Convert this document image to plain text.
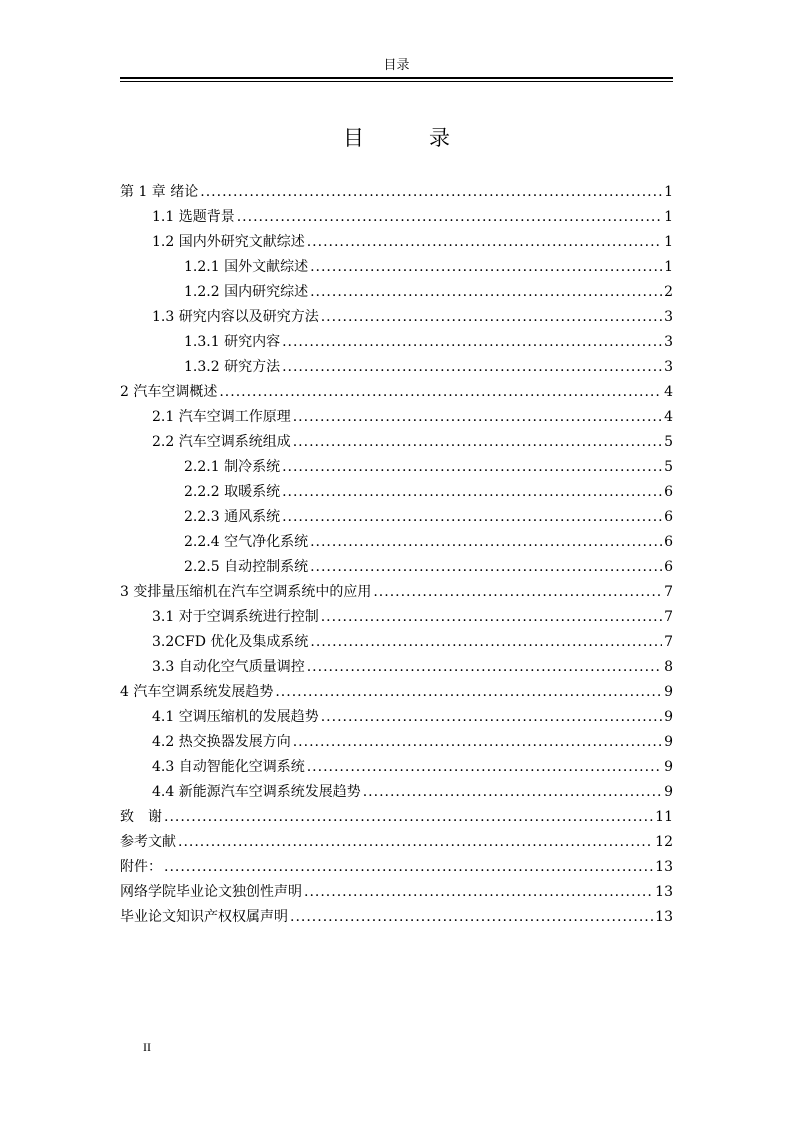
目录
目　录
第 1 章 绪论 .....	1
1.1 选题背景 .....	1
1.2 国内外研究文献综述 .....	1
1.2.1 国外文献综述 .....	1
1.2.2 国内研究综述 .....	2
1.3 研究内容以及研究方法 .....	3
1.3.1 研究内容 .....	3
1.3.2 研究方法 .....	3
2 汽车空调概述 .....	4
2.1 汽车空调工作原理 .....	4
2.2 汽车空调系统组成 .....	5
2.2.1 制冷系统 .....	5
2.2.2 取暖系统 .....	6
2.2.3 通风系统 .....	6
2.2.4 空气净化系统 .....	6
2.2.5 自动控制系统 .....	6
3 变排量压缩机在汽车空调系统中的应用 .....	7
3.1 对于空调系统进行控制 .....	7
3.2CFD 优化及集成系统 .....	7
3.3 自动化空气质量调控 .....	8
4 汽车空调系统发展趋势 .....	9
4.1 空调压缩机的发展趋势 .....	9
4.2 热交换器发展方向 .....	9
4.3 自动智能化空调系统 .....	9
4.4 新能源汽车空调系统发展趋势 .....	9
致　谢 .....	11
参考文献 .....	12
附件： .....	13
网络学院毕业论文独创性声明 .....	13
毕业论文知识产权权属声明 .....	13
II
